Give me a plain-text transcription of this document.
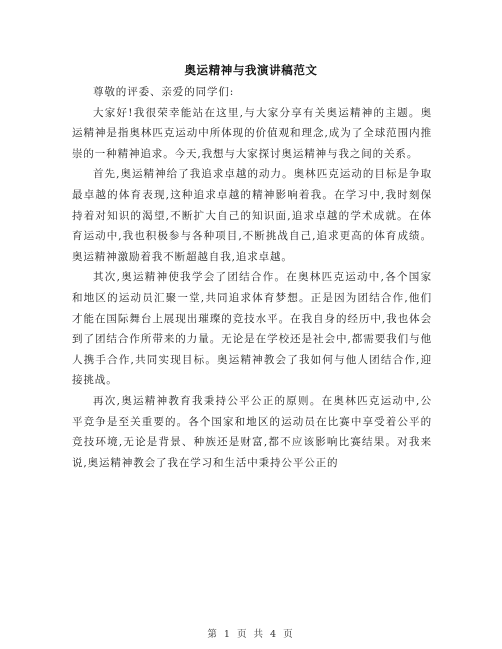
奥运精神与我演讲稿范文

尊敬的评委、亲爱的同学们:

大家好!我很荣幸能站在这里,与大家分享有关奥运精神的主题。奥运精神是指奥林匹克运动中所体现的价值观和理念,成为了全球范围内推崇的一种精神追求。今天,我想与大家探讨奥运精神与我之间的关系。

首先,奥运精神给了我追求卓越的动力。奥林匹克运动的目标是争取最卓越的体育表现,这种追求卓越的精神影响着我。在学习中,我时刻保持着对知识的渴望,不断扩大自己的知识面,追求卓越的学术成就。在体育运动中,我也积极参与各种项目,不断挑战自己,追求更高的体育成绩。奥运精神激励着我不断超越自我,追求卓越。

其次,奥运精神使我学会了团结合作。在奥林匹克运动中,各个国家和地区的运动员汇聚一堂,共同追求体育梦想。正是因为团结合作,他们才能在国际舞台上展现出璀璨的竞技水平。在我自身的经历中,我也体会到了团结合作所带来的力量。无论是在学校还是社会中,都需要我们与他人携手合作,共同实现目标。奥运精神教会了我如何与他人团结合作,迎接挑战。

再次,奥运精神教育我秉持公平公正的原则。在奥林匹克运动中,公平竞争是至关重要的。各个国家和地区的运动员在比赛中享受着公平的竞技环境,无论是背景、种族还是财富,都不应该影响比赛结果。对我来说,奥运精神教会了我在学习和生活中秉持公平公正的

第 1 页 共 4 页
